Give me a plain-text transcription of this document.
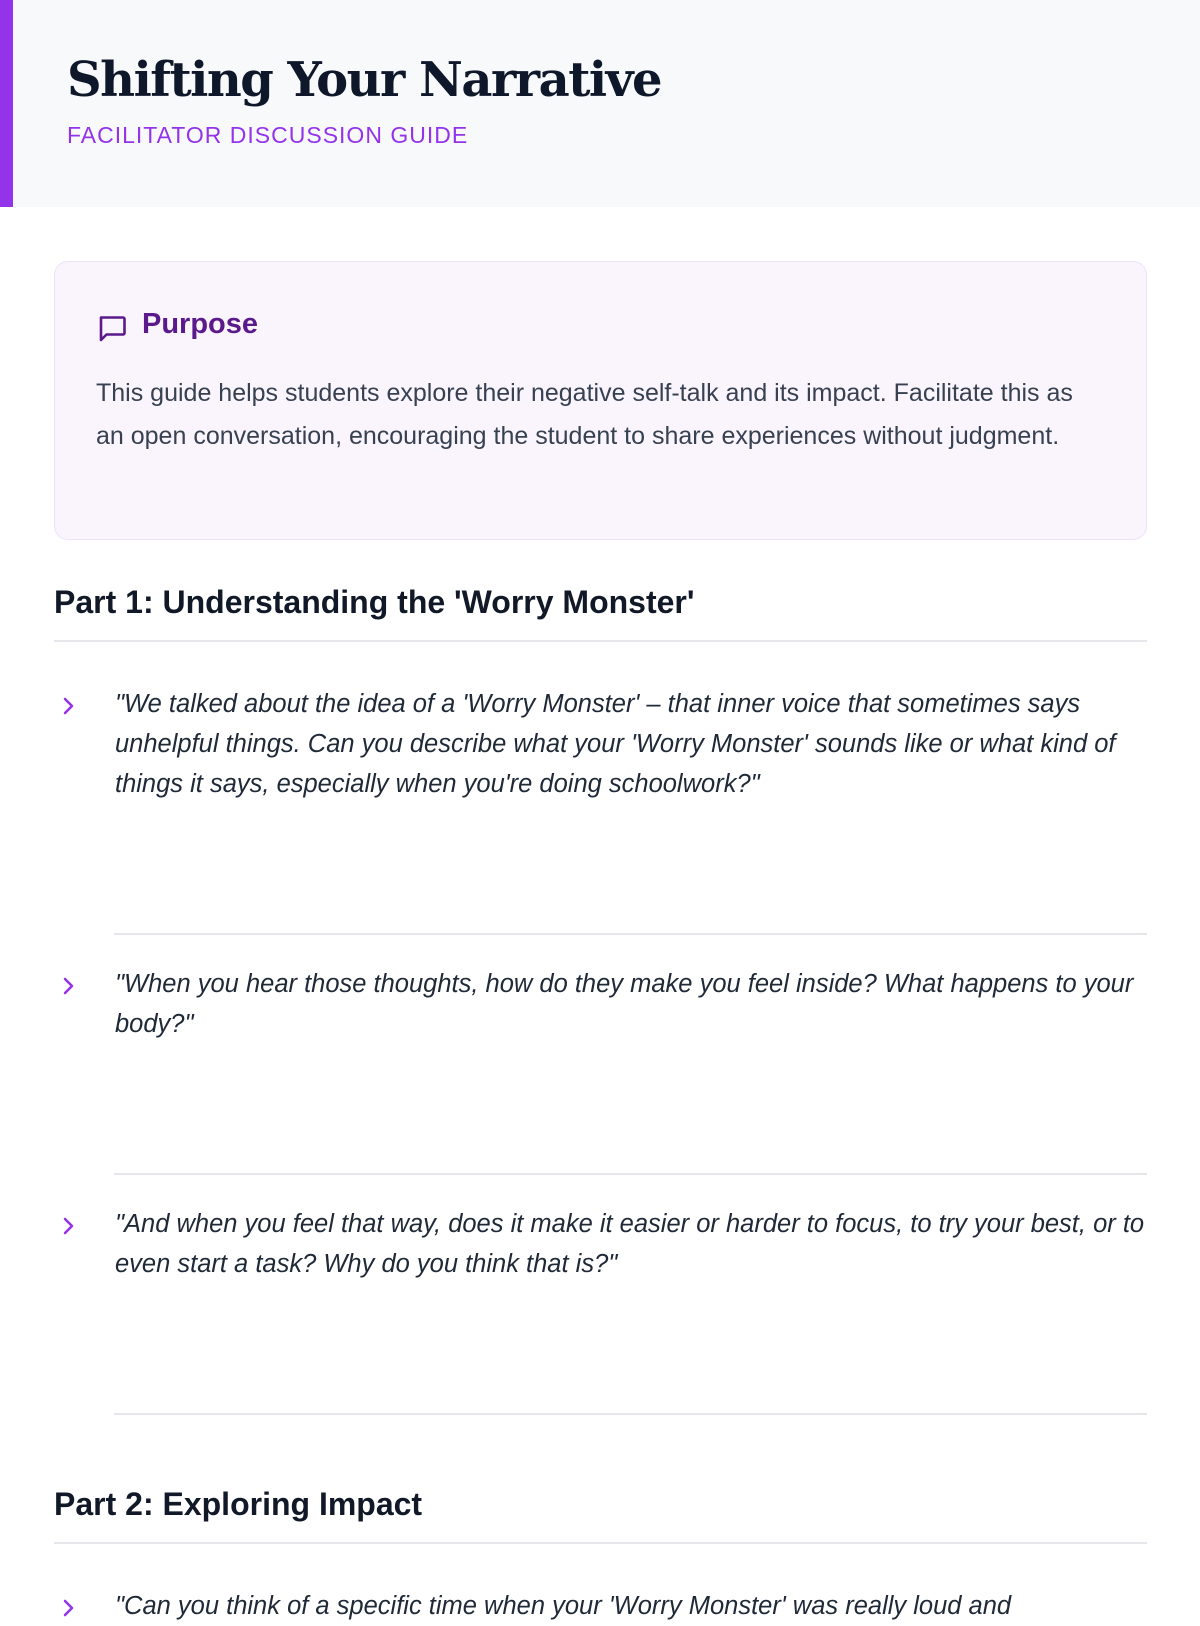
Shifting Your Narrative
FACILITATOR DISCUSSION GUIDE
Purpose

This guide helps students explore their negative self-talk and its impact. Facilitate this as an open conversation, encouraging the student to share experiences without judgment.

Part 1: Understanding the 'Worry Monster'

"We talked about the idea of a 'Worry Monster' – that inner voice that sometimes says unhelpful things. Can you describe what your 'Worry Monster' sounds like or what kind of things it says, especially when you're doing schoolwork?"

"When you hear those thoughts, how do they make you feel inside? What happens to your body?"

"And when you feel that way, does it make it easier or harder to focus, to try your best, or to even start a task? Why do you think that is?"

Part 2: Exploring Impact

"Can you think of a specific time when your 'Worry Monster' was really loud and
